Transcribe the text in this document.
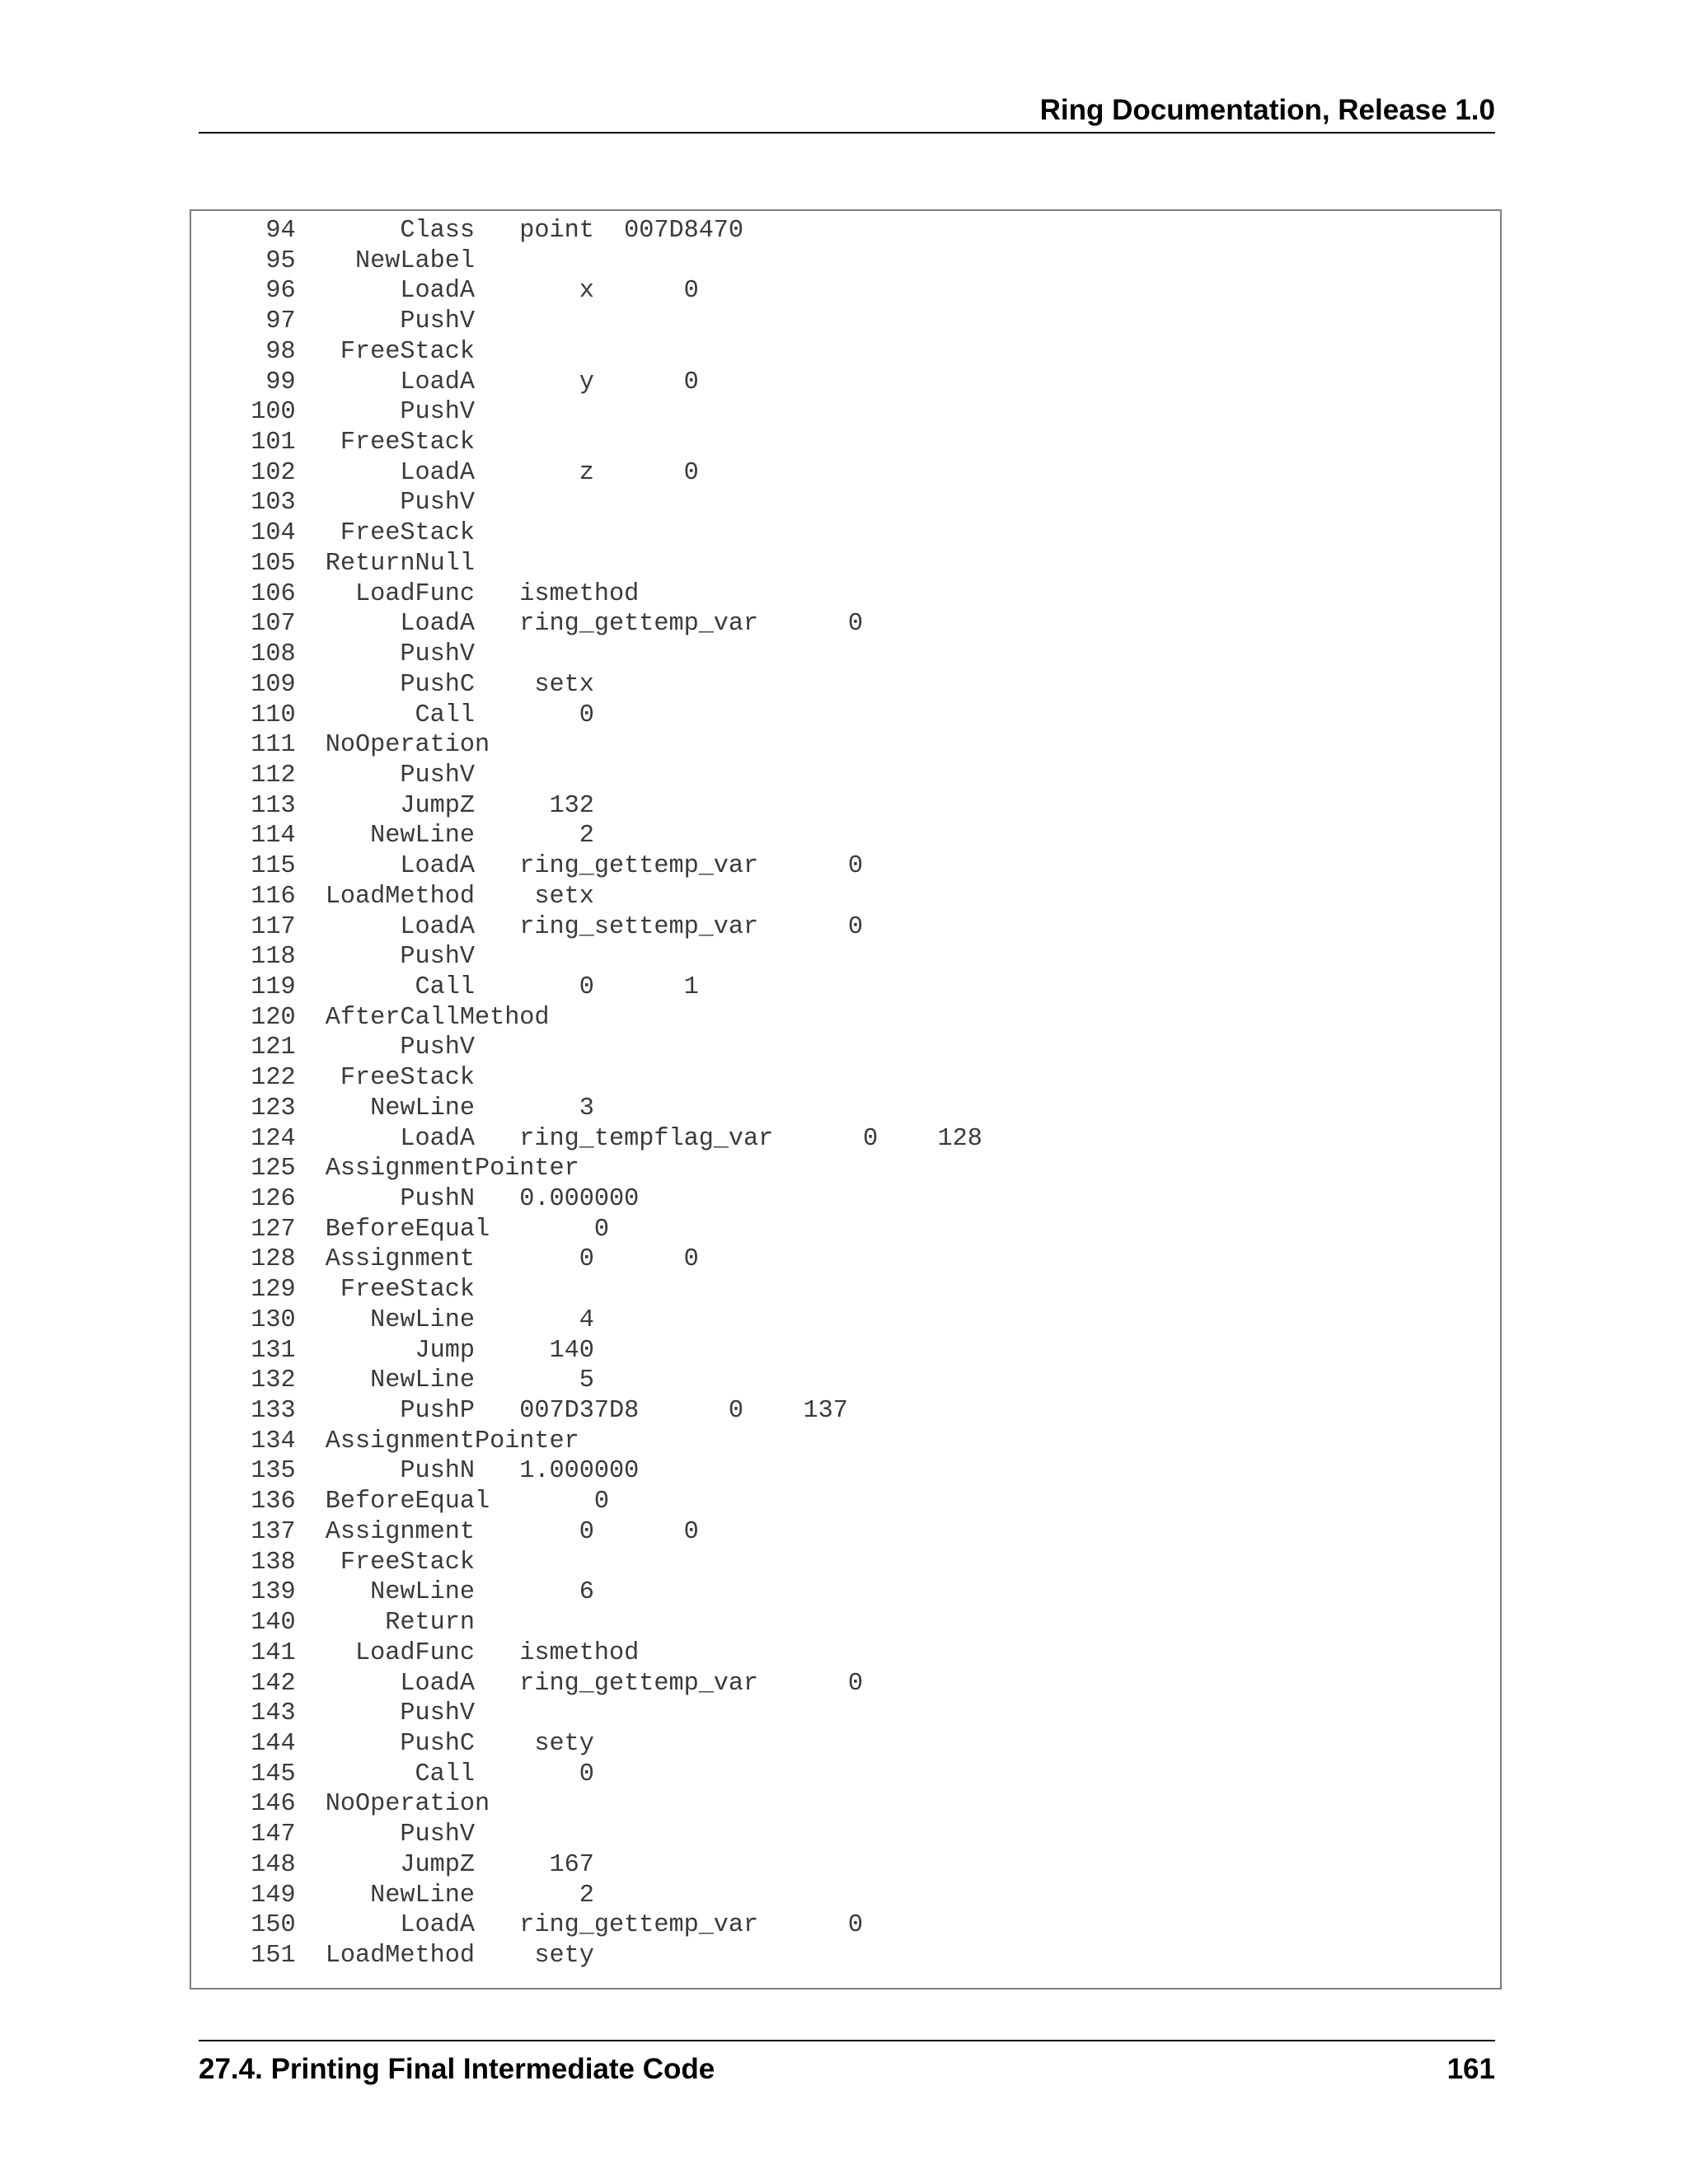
Ring Documentation, Release 1.0
94       Class   point  007D8470
95    NewLabel
96       LoadA       x      0
97       PushV
98   FreeStack
99       LoadA       y      0
100       PushV
101   FreeStack
102       LoadA       z      0
103       PushV
104   FreeStack
105  ReturnNull
106    LoadFunc   ismethod
107       LoadA   ring_gettemp_var      0
108       PushV
109       PushC    setx
110        Call       0
111  NoOperation
112       PushV
113       JumpZ     132
114     NewLine       2
115       LoadA   ring_gettemp_var      0
116  LoadMethod    setx
117       LoadA   ring_settemp_var      0
118       PushV
119        Call       0      1
120  AfterCallMethod
121       PushV
122   FreeStack
123     NewLine       3
124       LoadA   ring_tempflag_var      0    128
125  AssignmentPointer
126       PushN   0.000000
127  BeforeEqual       0
128  Assignment       0      0
129   FreeStack
130     NewLine       4
131        Jump     140
132     NewLine       5
133       PushP   007D37D8      0    137
134  AssignmentPointer
135       PushN   1.000000
136  BeforeEqual       0
137  Assignment       0      0
138   FreeStack
139     NewLine       6
140      Return
141    LoadFunc   ismethod
142       LoadA   ring_gettemp_var      0
143       PushV
144       PushC    sety
145        Call       0
146  NoOperation
147       PushV
148       JumpZ     167
149     NewLine       2
150       LoadA   ring_gettemp_var      0
151  LoadMethod    sety
27.4. Printing Final Intermediate Code	161
